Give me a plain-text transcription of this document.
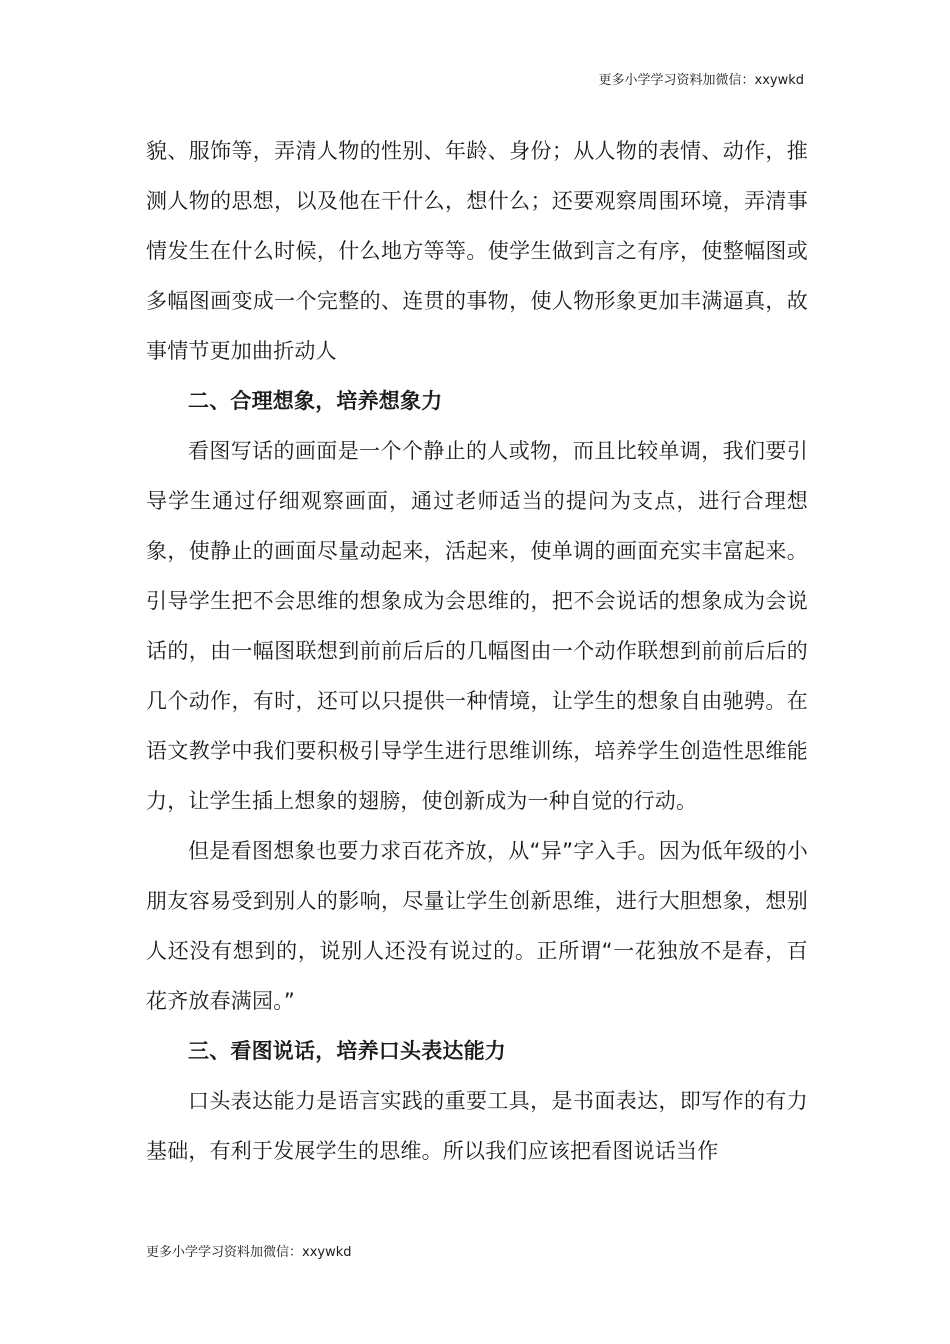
更多小学学习资料加微信：xxywkd

貌、服饰等，弄清人物的性别、年龄、身份；从人物的表情、动作，推测人物的思想，以及他在干什么，想什么；还要观察周围环境，弄清事情发生在什么时候，什么地方等等。使学生做到言之有序，使整幅图或多幅图画变成一个完整的、连贯的事物，使人物形象更加丰满逼真，故事情节更加曲折动人

二、合理想象，培养想象力

看图写话的画面是一个个静止的人或物，而且比较单调，我们要引导学生通过仔细观察画面，通过老师适当的提问为支点，进行合理想象，使静止的画面尽量动起来，活起来，使单调的画面充实丰富起来。引导学生把不会思维的想象成为会思维的，把不会说话的想象成为会说话的，由一幅图联想到前前后后的几幅图由一个动作联想到前前后后的几个动作，有时，还可以只提供一种情境，让学生的想象自由驰骋。在语文教学中我们要积极引导学生进行思维训练，培养学生创造性思维能力，让学生插上想象的翅膀，使创新成为一种自觉的行动。

但是看图想象也要力求百花齐放，从“异”字入手。因为低年级的小朋友容易受到别人的影响，尽量让学生创新思维，进行大胆想象，想别人还没有想到的，说别人还没有说过的。正所谓“一花独放不是春，百花齐放春满园。”

三、看图说话，培养口头表达能力

口头表达能力是语言实践的重要工具，是书面表达，即写作的有力基础，有利于发展学生的思维。所以我们应该把看图说话当作

更多小学学习资料加微信：xxywkd
